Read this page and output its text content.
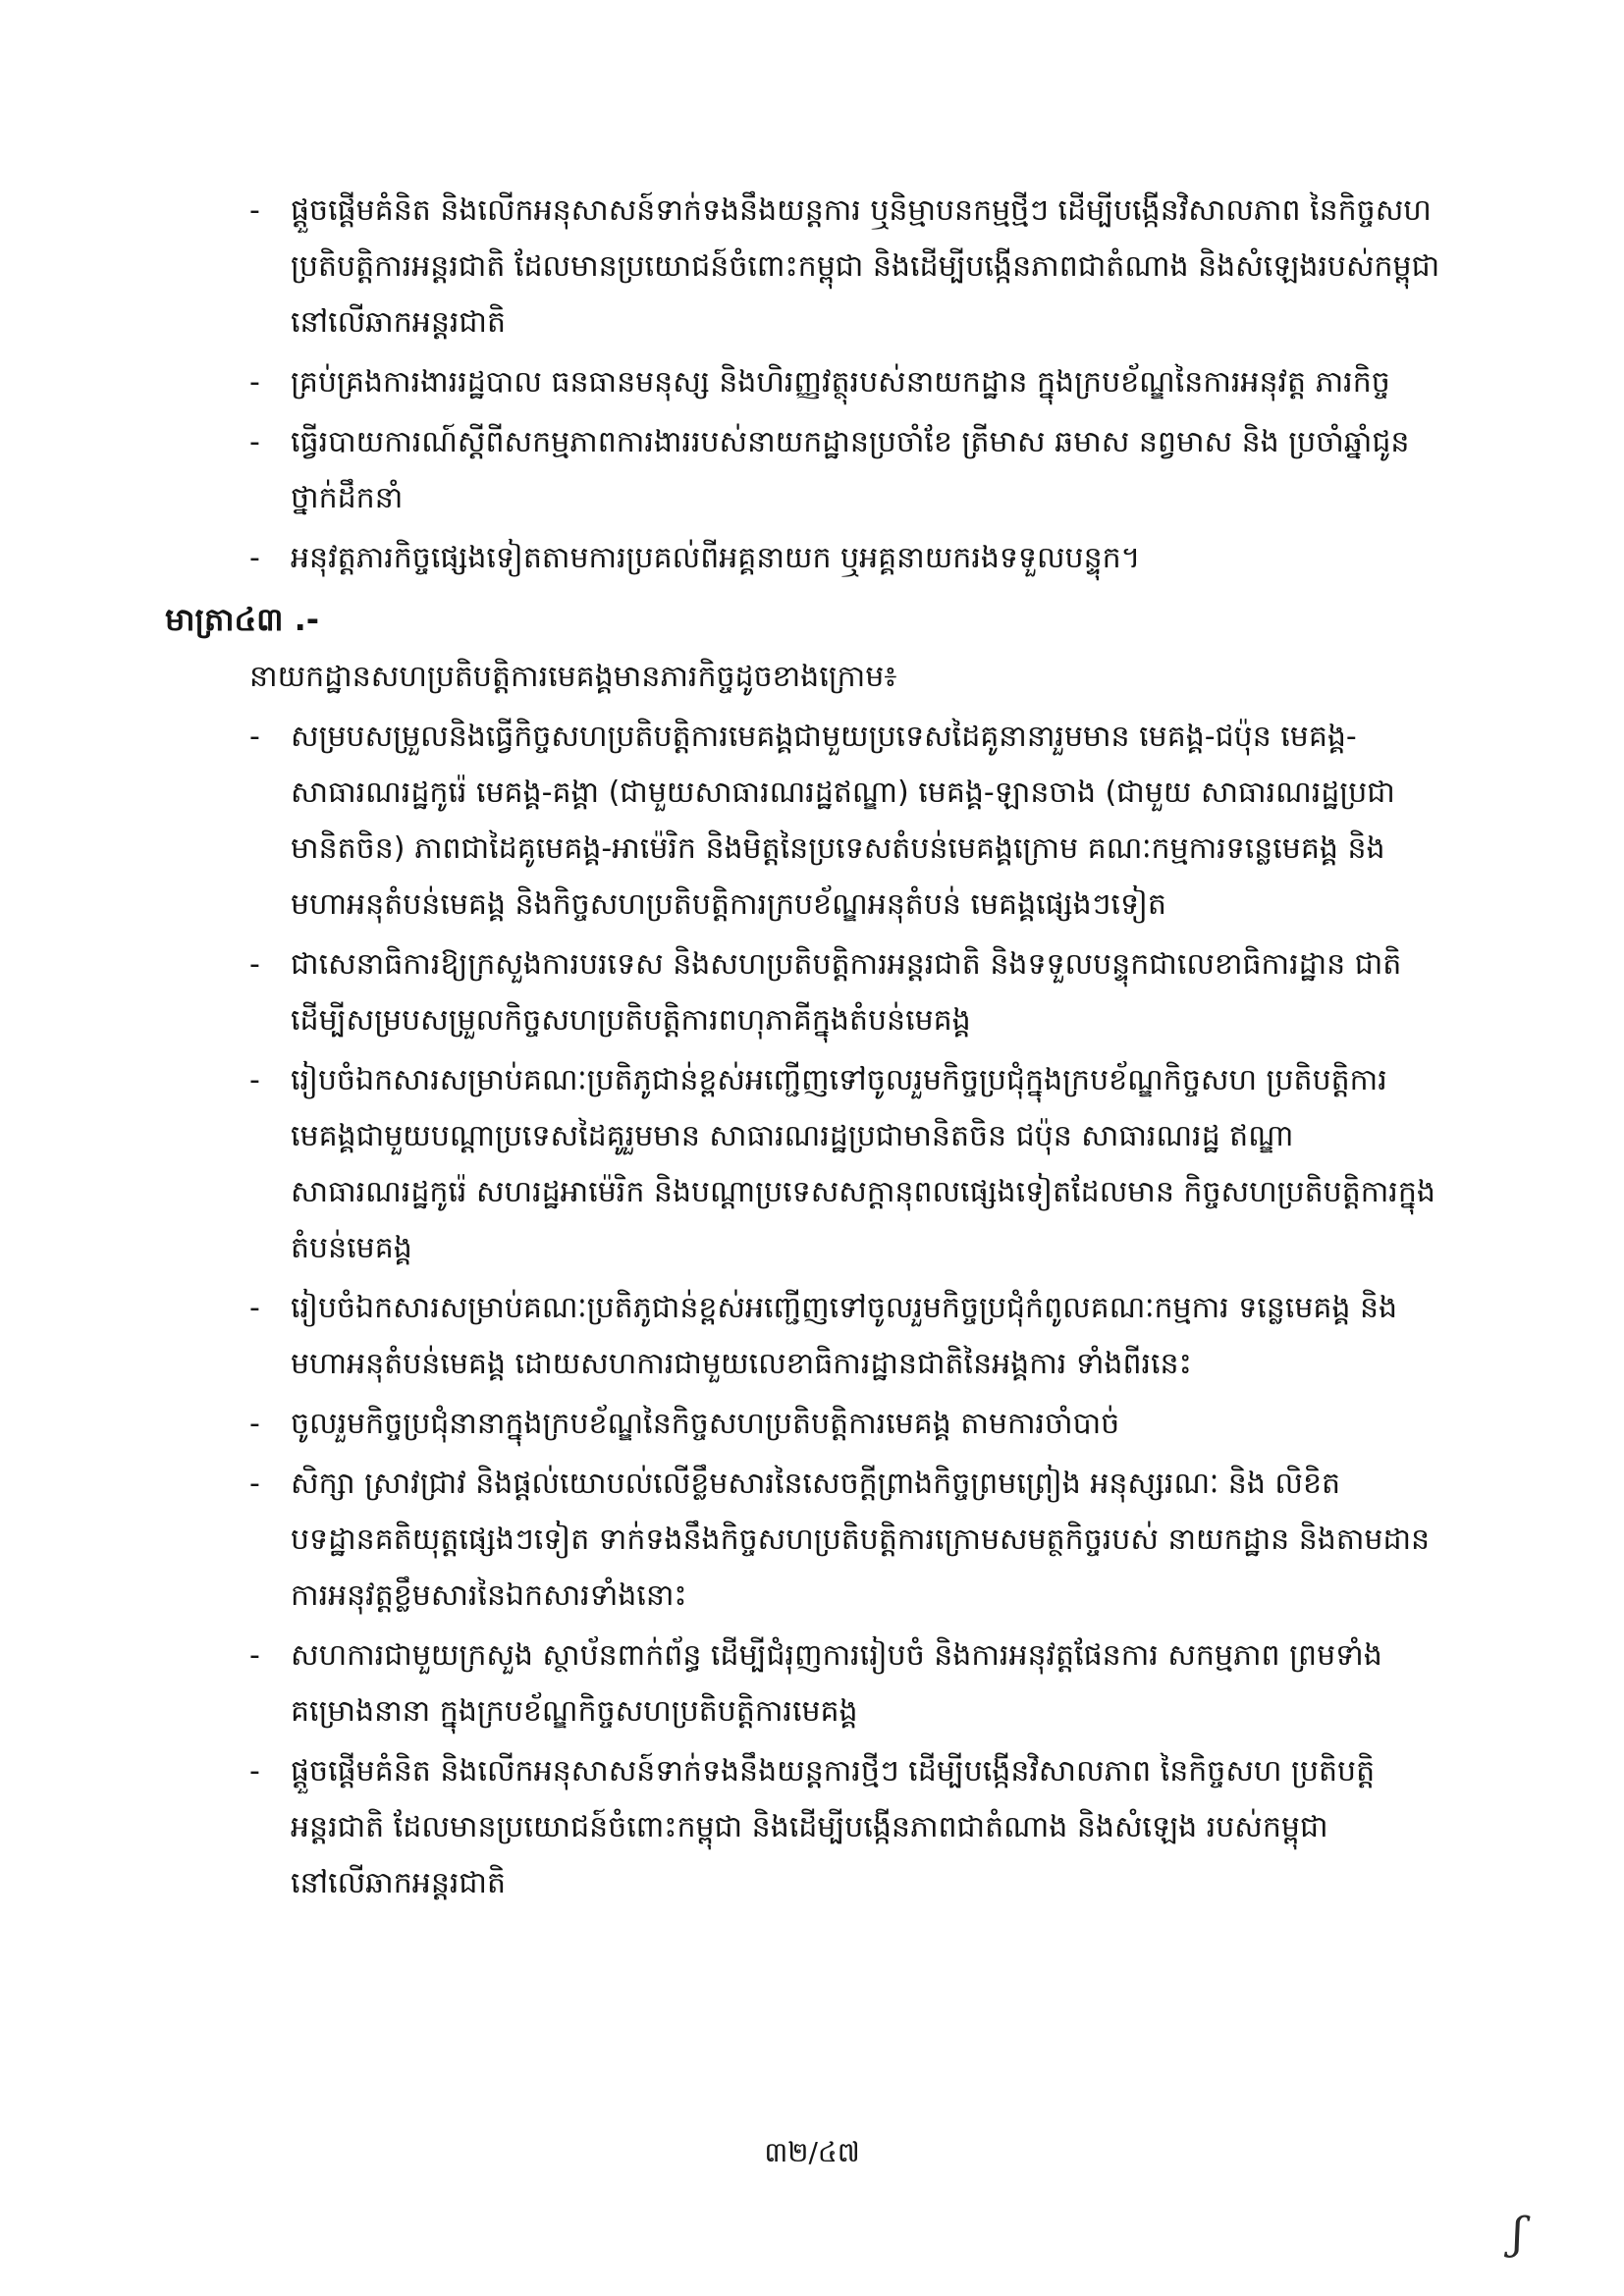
- ផ្តួចផ្តើមគំនិត និងលើកអនុសាសន៍ទាក់ទងនឹងយន្តការ ឬនិម្មាបនកម្មថ្មីៗ ដើម្បីបង្កើនវិសាលភាព នៃកិច្ចសហប្រតិបត្តិការអន្តរជាតិ ដែលមានប្រយោជន៍ចំពោះកម្ពុជា និងដើម្បីបង្កើនភាពជាតំណាង និងសំឡេងរបស់កម្ពុជានៅលើឆាកអន្តរជាតិ

- គ្រប់គ្រងការងាររដ្ឋបាល ធនធានមនុស្ស និងហិរញ្ញវត្ថុរបស់នាយកដ្ឋាន ក្នុងក្របខ័ណ្ឌនៃការអនុវត្ត ភារកិច្ច

- ធ្វើរបាយការណ៍ស្តីពីសកម្មភាពការងាររបស់នាយកដ្ឋានប្រចាំខែ ត្រីមាស ឆមាស នព្វមាស និង ប្រចាំឆ្នាំជូនថ្នាក់ដឹកនាំ

- អនុវត្តភារកិច្ចផ្សេងទៀតតាមការប្រគល់ពីអគ្គនាយក ឬអគ្គនាយករងទទួលបន្ទុក។

មាត្រា៤៣ .-

នាយកដ្ឋានសហប្រតិបត្តិការមេគង្គមានភារកិច្ចដូចខាងក្រោម៖

- សម្របសម្រួលនិងធ្វើកិច្ចសហប្រតិបត្តិការមេគង្គជាមួយប្រទេសដៃគូនានារួមមាន មេគង្គ-ជប៉ុន មេគង្គ-សាធារណរដ្ឋកូរ៉េ មេគង្គ-គង្គា (ជាមួយសាធារណរដ្ឋឥណ្ឌា) មេគង្គ-ឡានចាង (ជាមួយ សាធារណរដ្ឋប្រជាមានិតចិន) ភាពជាដៃគូមេគង្គ-អាម៉េរិក និងមិត្តនៃប្រទេសតំបន់មេគង្គក្រោម គណៈកម្មការទន្លេមេគង្គ និងមហាអនុតំបន់មេគង្គ និងកិច្ចសហប្រតិបត្តិការក្របខ័ណ្ឌអនុតំបន់ មេគង្គផ្សេងៗទៀត

- ជាសេនាធិការឱ្យក្រសួងការបរទេស និងសហប្រតិបត្តិការអន្តរជាតិ និងទទួលបន្ទុកជាលេខាធិការដ្ឋាន ជាតិ ដើម្បីសម្របសម្រួលកិច្ចសហប្រតិបត្តិការពហុភាគីក្នុងតំបន់មេគង្គ

- រៀបចំឯកសារសម្រាប់គណៈប្រតិភូជាន់ខ្ពស់អញ្ជើញទៅចូលរួមកិច្ចប្រជុំក្នុងក្របខ័ណ្ឌកិច្ចសហ ប្រតិបត្តិការមេគង្គជាមួយបណ្តាប្រទេសដៃគូរួមមាន សាធារណរដ្ឋប្រជាមានិតចិន ជប៉ុន សាធារណរដ្ឋ ឥណ្ឌា សាធារណរដ្ឋកូរ៉េ សហរដ្ឋអាម៉េរិក និងបណ្តាប្រទេសសក្តានុពលផ្សេងទៀតដែលមាន កិច្ចសហប្រតិបត្តិការក្នុងតំបន់មេគង្គ

- រៀបចំឯកសារសម្រាប់គណៈប្រតិភូជាន់ខ្ពស់អញ្ជើញទៅចូលរួមកិច្ចប្រជុំកំពូលគណៈកម្មការ ទន្លេមេគង្គ និងមហាអនុតំបន់មេគង្គ ដោយសហការជាមួយលេខាធិការដ្ឋានជាតិនៃអង្គការ ទាំងពីរនេះ

- ចូលរួមកិច្ចប្រជុំនានាក្នុងក្របខ័ណ្ឌនៃកិច្ចសហប្រតិបត្តិការមេគង្គ តាមការចាំបាច់

- សិក្សា ស្រាវជ្រាវ និងផ្តល់យោបល់លើខ្លឹមសារនៃសេចក្តីព្រាងកិច្ចព្រមព្រៀង អនុស្សរណៈ និង លិខិតបទដ្ឋានគតិយុត្តផ្សេងៗទៀត ទាក់ទងនឹងកិច្ចសហប្រតិបត្តិការក្រោមសមត្ថកិច្ចរបស់ នាយកដ្ឋាន និងតាមដានការអនុវត្តខ្លឹមសារនៃឯកសារទាំងនោះ

- សហការជាមួយក្រសួង ស្ថាប័នពាក់ព័ន្ធ ដើម្បីជំរុញការរៀបចំ និងការអនុវត្តផែនការ សកម្មភាព ព្រមទាំងគម្រោងនានា ក្នុងក្របខ័ណ្ឌកិច្ចសហប្រតិបត្តិការមេគង្គ

- ផ្តួចផ្តើមគំនិត និងលើកអនុសាសន៍ទាក់ទងនឹងយន្តការថ្មីៗ ដើម្បីបង្កើនវិសាលភាព នៃកិច្ចសហ ប្រតិបត្តិអន្តរជាតិ ដែលមានប្រយោជន៍ចំពោះកម្ពុជា និងដើម្បីបង្កើនភាពជាតំណាង និងសំឡេង របស់កម្ពុជានៅលើឆាកអន្តរជាតិ

៣២/៤៧
ʃ
